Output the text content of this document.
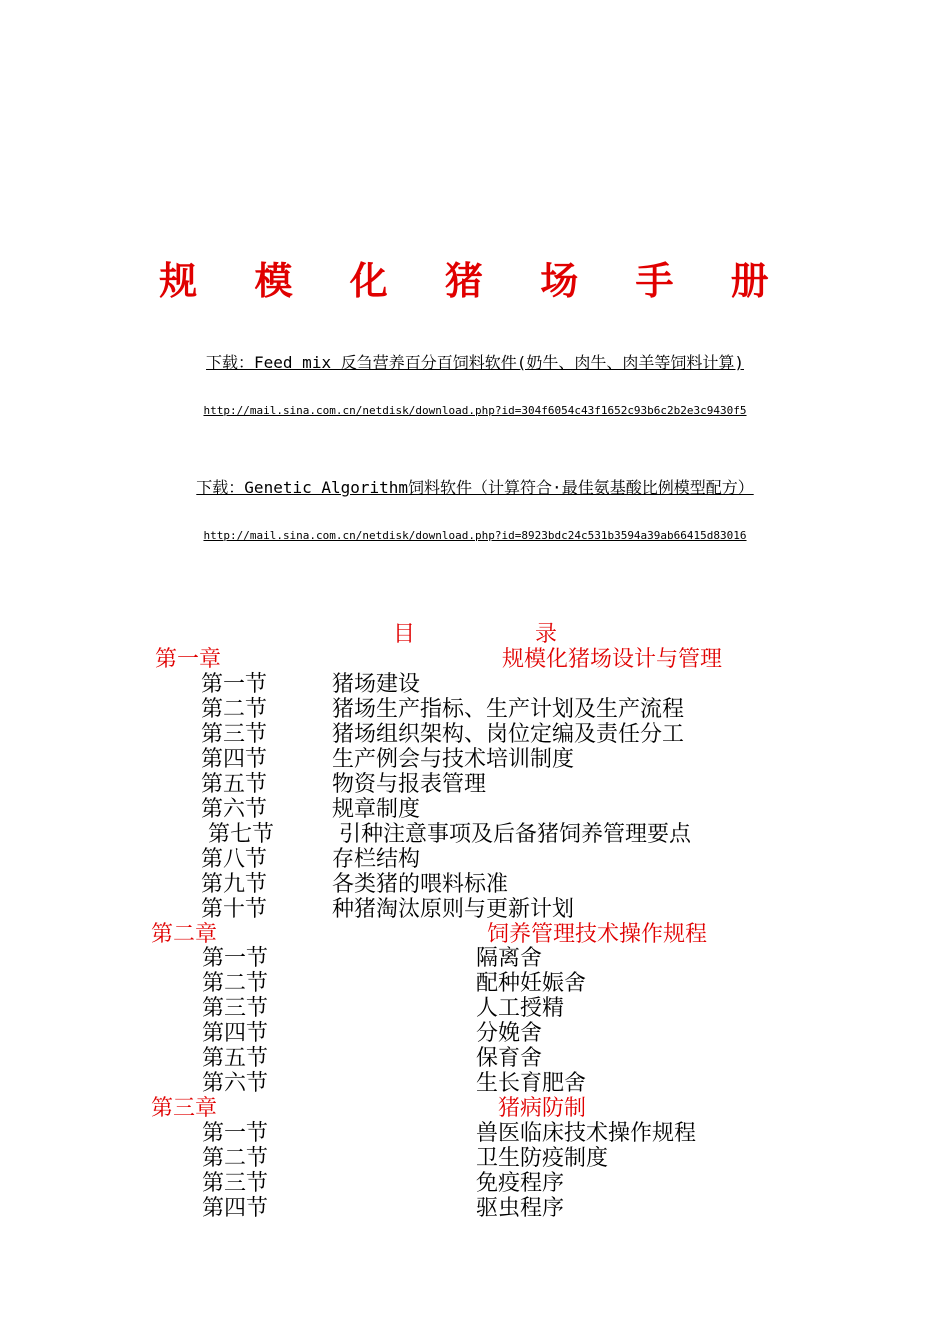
规 模 化 猪 场 手 册
下载：Feed mix 反刍营养百分百饲料软件(奶牛、肉牛、肉羊等饲料计算)
http://mail.sina.com.cn/netdisk/download.php?id=304f6054c43f1652c93b6c2b2e3c9430f5
下载：Genetic Algorithm饲料软件（计算符合·最佳氨基酸比例模型配方）
http://mail.sina.com.cn/netdisk/download.php?id=8923bdc24c531b3594a39ab66415d83016
目	录
第一章	规模化猪场设计与管理
第一节	猪场建设
第二节	猪场生产指标、生产计划及生产流程
第三节	猪场组织架构、岗位定编及责任分工
第四节	生产例会与技术培训制度
第五节	物资与报表管理
第六节	规章制度
第七节	引种注意事项及后备猪饲养管理要点
第八节	存栏结构
第九节	各类猪的喂料标准
第十节	种猪淘汰原则与更新计划
第二章	饲养管理技术操作规程
第一节	隔离舍
第二节	配种妊娠舍
第三节	人工授精
第四节	分娩舍
第五节	保育舍
第六节	生长育肥舍
第三章	猪病防制
第一节	兽医临床技术操作规程
第二节	卫生防疫制度
第三节	免疫程序
第四节	驱虫程序
